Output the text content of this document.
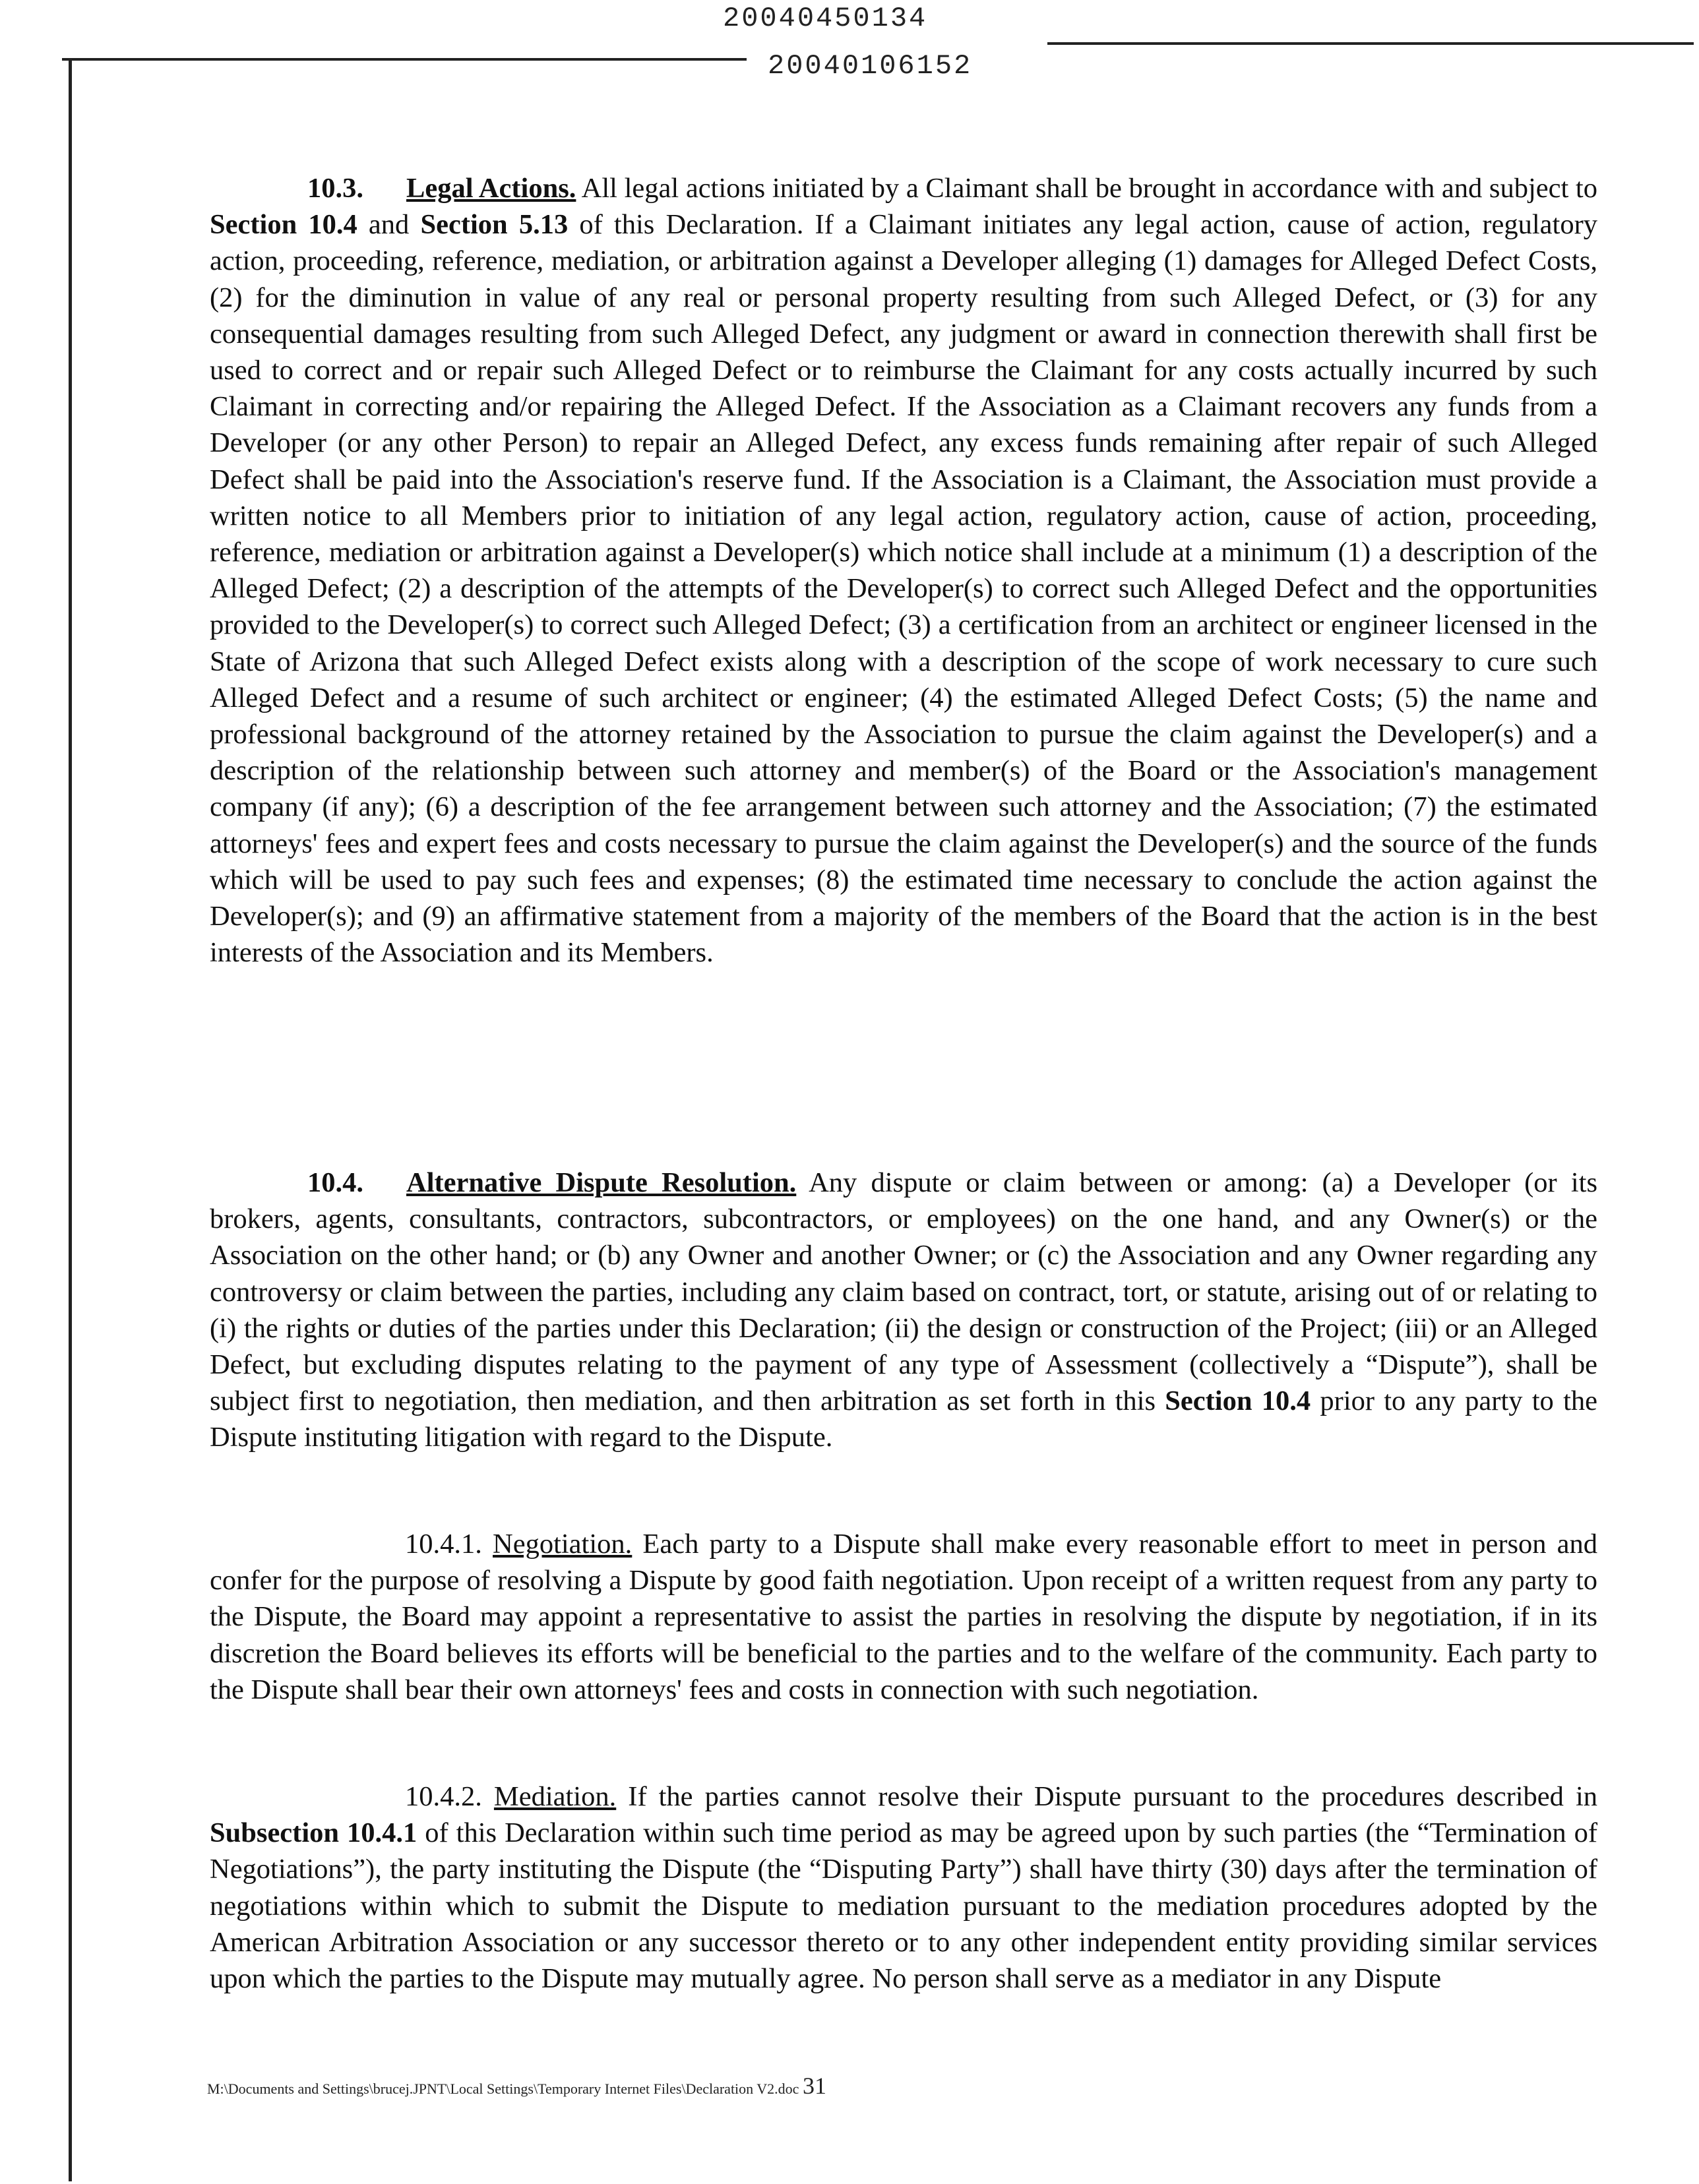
20040450134
20040106152

10.3. Legal Actions. All legal actions initiated by a Claimant shall be brought in accordance with and subject to Section 10.4 and Section 5.13 of this Declaration. If a Claimant initiates any legal action, cause of action, regulatory action, proceeding, reference, mediation, or arbitration against a Developer alleging (1) damages for Alleged Defect Costs, (2) for the diminution in value of any real or personal property resulting from such Alleged Defect, or (3) for any consequential damages resulting from such Alleged Defect, any judgment or award in connection therewith shall first be used to correct and or repair such Alleged Defect or to reimburse the Claimant for any costs actually incurred by such Claimant in correcting and/or repairing the Alleged Defect. If the Association as a Claimant recovers any funds from a Developer (or any other Person) to repair an Alleged Defect, any excess funds remaining after repair of such Alleged Defect shall be paid into the Association's reserve fund. If the Association is a Claimant, the Association must provide a written notice to all Members prior to initiation of any legal action, regulatory action, cause of action, proceeding, reference, mediation or arbitration against a Developer(s) which notice shall include at a minimum (1) a description of the Alleged Defect; (2) a description of the attempts of the Developer(s) to correct such Alleged Defect and the opportunities provided to the Developer(s) to correct such Alleged Defect; (3) a certification from an architect or engineer licensed in the State of Arizona that such Alleged Defect exists along with a description of the scope of work necessary to cure such Alleged Defect and a resume of such architect or engineer; (4) the estimated Alleged Defect Costs; (5) the name and professional background of the attorney retained by the Association to pursue the claim against the Developer(s) and a description of the relationship between such attorney and member(s) of the Board or the Association's management company (if any); (6) a description of the fee arrangement between such attorney and the Association; (7) the estimated attorneys' fees and expert fees and costs necessary to pursue the claim against the Developer(s) and the source of the funds which will be used to pay such fees and expenses; (8) the estimated time necessary to conclude the action against the Developer(s); and (9) an affirmative statement from a majority of the members of the Board that the action is in the best interests of the Association and its Members.

10.4. Alternative Dispute Resolution. Any dispute or claim between or among: (a) a Developer (or its brokers, agents, consultants, contractors, subcontractors, or employees) on the one hand, and any Owner(s) or the Association on the other hand; or (b) any Owner and another Owner; or (c) the Association and any Owner regarding any controversy or claim between the parties, including any claim based on contract, tort, or statute, arising out of or relating to (i) the rights or duties of the parties under this Declaration; (ii) the design or construction of the Project; (iii) or an Alleged Defect, but excluding disputes relating to the payment of any type of Assessment (collectively a “Dispute”), shall be subject first to negotiation, then mediation, and then arbitration as set forth in this Section 10.4 prior to any party to the Dispute instituting litigation with regard to the Dispute.

10.4.1. Negotiation. Each party to a Dispute shall make every reasonable effort to meet in person and confer for the purpose of resolving a Dispute by good faith negotiation. Upon receipt of a written request from any party to the Dispute, the Board may appoint a representative to assist the parties in resolving the dispute by negotiation, if in its discretion the Board believes its efforts will be beneficial to the parties and to the welfare of the community. Each party to the Dispute shall bear their own attorneys' fees and costs in connection with such negotiation.

10.4.2. Mediation. If the parties cannot resolve their Dispute pursuant to the procedures described in Subsection 10.4.1 of this Declaration within such time period as may be agreed upon by such parties (the “Termination of Negotiations”), the party instituting the Dispute (the “Disputing Party”) shall have thirty (30) days after the termination of negotiations within which to submit the Dispute to mediation pursuant to the mediation procedures adopted by the American Arbitration Association or any successor thereto or to any other independent entity providing similar services upon which the parties to the Dispute may mutually agree. No person shall serve as a mediator in any Dispute

M:\Documents and Settings\brucej.JPNT\Local Settings\Temporary Internet Files\Declaration V2.doc 31
